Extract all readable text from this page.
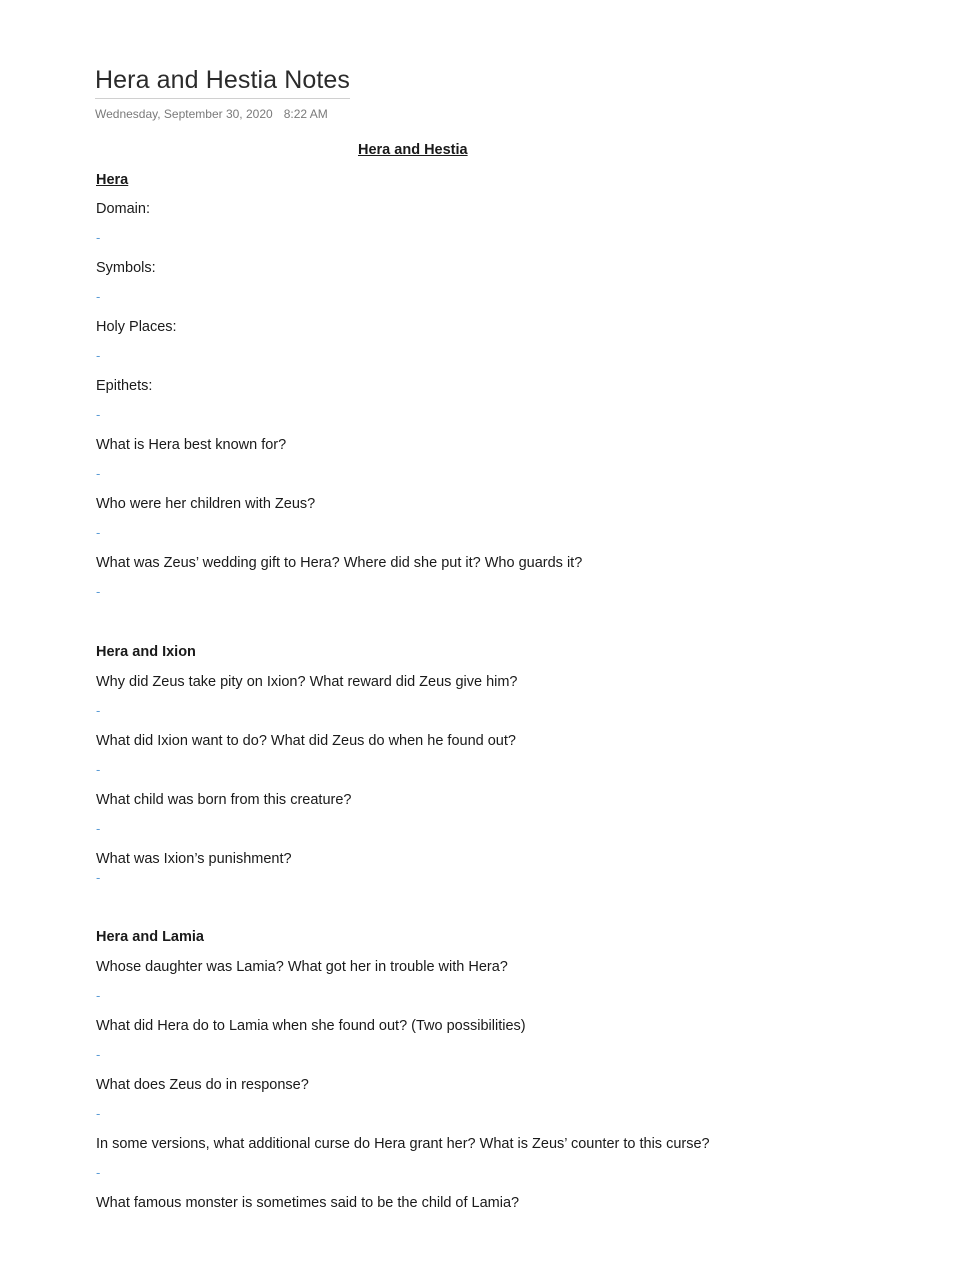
Hera and Hestia Notes
Wednesday, September 30, 2020 8:22 AM
Hera and Hestia
Hera
Domain:
-
Symbols:
-
Holy Places:
-
Epithets:
-
What is Hera best known for?
-
Who were her children with Zeus?
-
What was Zeus’ wedding gift to Hera? Where did she put it? Who guards it?
-
Hera and Ixion
Why did Zeus take pity on Ixion? What reward did Zeus give him?
-
What did Ixion want to do? What did Zeus do when he found out?
-
What child was born from this creature?
-
What was Ixion’s punishment?
-
Hera and Lamia
Whose daughter was Lamia? What got her in trouble with Hera?
-
What did Hera do to Lamia when she found out? (Two possibilities)
-
What does Zeus do in response?
-
In some versions, what additional curse do Hera grant her? What is Zeus’ counter to this curse?
-
What famous monster is sometimes said to be the child of Lamia?
